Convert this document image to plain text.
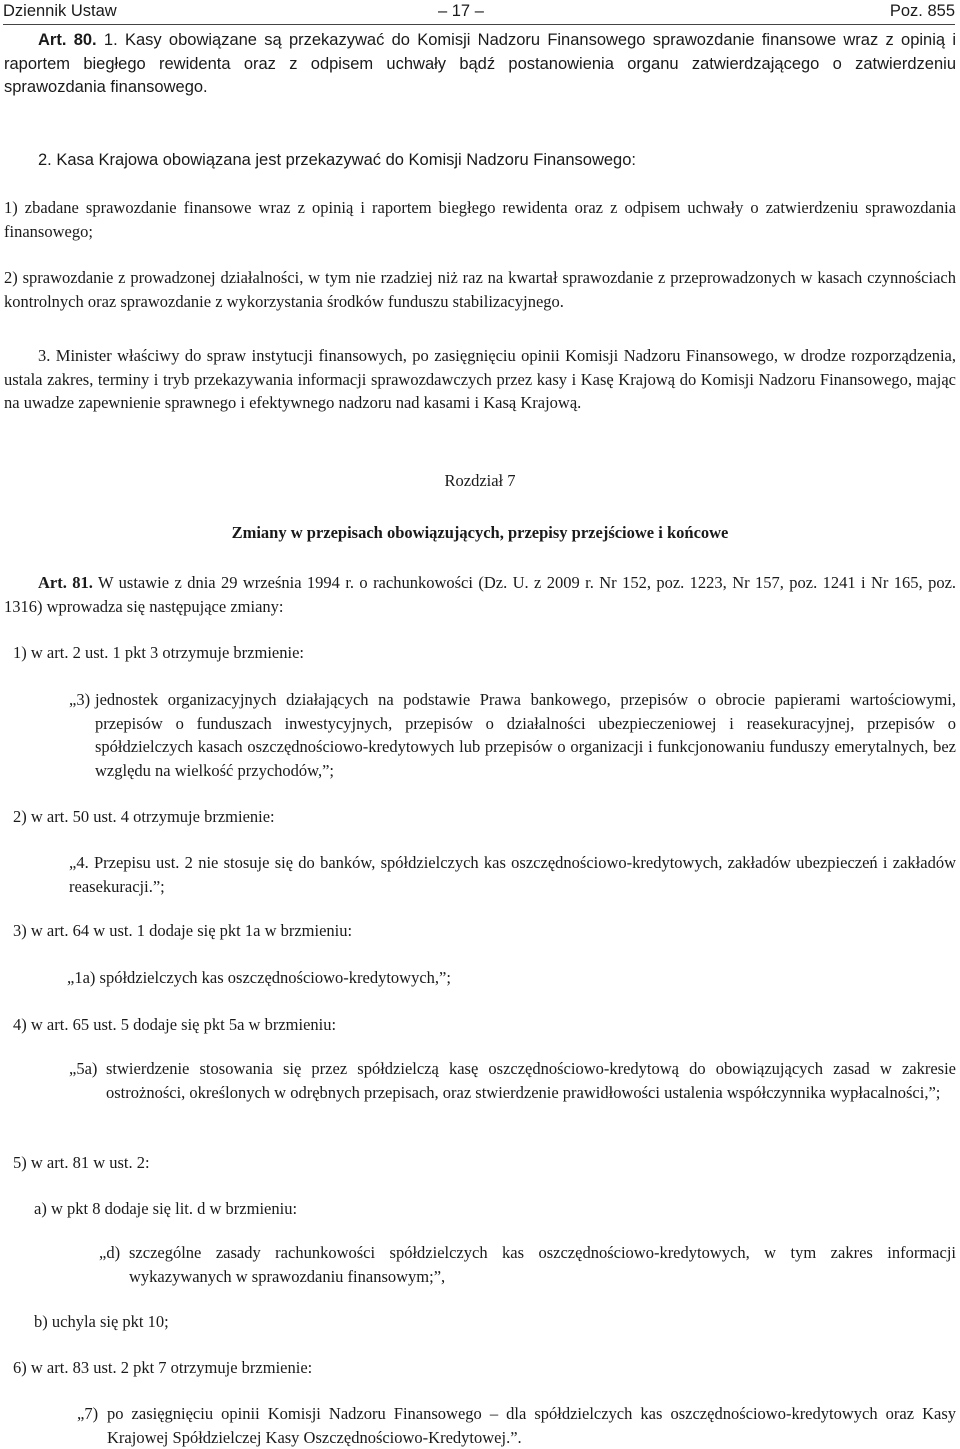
Dziennik Ustaw	– 17 –	Poz. 855

Art. 80. 1. Kasy obowiązane są przekazywać do Komisji Nadzoru Finansowego sprawozdanie finansowe wraz z opinią i raportem biegłego rewidenta oraz z odpisem uchwały bądź postanowienia organu zatwierdzającego o zatwierdzeniu sprawozdania finansowego.

2. Kasa Krajowa obowiązana jest przekazywać do Komisji Nadzoru Finansowego:

1) zbadane sprawozdanie finansowe wraz z opinią i raportem biegłego rewidenta oraz z odpisem uchwały o zatwierdzeniu sprawozdania finansowego;

2) sprawozdanie z prowadzonej działalności, w tym nie rzadziej niż raz na kwartał sprawozdanie z przeprowadzonych w kasach czynnościach kontrolnych oraz sprawozdanie z wykorzystania środków funduszu stabilizacyjnego.

3. Minister właściwy do spraw instytucji finansowych, po zasięgnięciu opinii Komisji Nadzoru Finansowego, w drodze rozporządzenia, ustala zakres, terminy i tryb przekazywania informacji sprawozdawczych przez kasy i Kasę Krajową do Komisji Nadzoru Finansowego, mając na uwadze zapewnienie sprawnego i efektywnego nadzoru nad kasami i Kasą Krajową.

Rozdział 7

Zmiany w przepisach obowiązujących, przepisy przejściowe i końcowe

Art. 81. W ustawie z dnia 29 września 1994 r. o rachunkowości (Dz. U. z 2009 r. Nr 152, poz. 1223, Nr 157, poz. 1241 i Nr 165, poz. 1316) wprowadza się następujące zmiany:

1) w art. 2 ust. 1 pkt 3 otrzymuje brzmienie:

„3) jednostek organizacyjnych działających na podstawie Prawa bankowego, przepisów o obrocie papierami wartościowymi, przepisów o funduszach inwestycyjnych, przepisów o działalności ubezpieczeniowej i reasekuracyjnej, przepisów o spółdzielczych kasach oszczędnościowo-kredytowych lub przepisów o organizacji i funkcjonowaniu funduszy emerytalnych, bez względu na wielkość przychodów,”;

2) w art. 50 ust. 4 otrzymuje brzmienie:

„4. Przepisu ust. 2 nie stosuje się do banków, spółdzielczych kas oszczędnościowo-kredytowych, zakładów ubezpieczeń i zakładów reasekuracji.”;

3) w art. 64 w ust. 1 dodaje się pkt 1a w brzmieniu:

„1a) spółdzielczych kas oszczędnościowo-kredytowych,”;

4) w art. 65 ust. 5 dodaje się pkt 5a w brzmieniu:

„5a) stwierdzenie stosowania się przez spółdzielczą kasę oszczędnościowo-kredytową do obowiązujących zasad w zakresie ostrożności, określonych w odrębnych przepisach, oraz stwierdzenie prawidłowości ustalenia współczynnika wypłacalności,”;

5) w art. 81 w ust. 2:

a) w pkt 8 dodaje się lit. d w brzmieniu:

„d) szczególne zasady rachunkowości spółdzielczych kas oszczędnościowo-kredytowych, w tym zakres informacji wykazywanych w sprawozdaniu finansowym;”,

b) uchyla się pkt 10;

6) w art. 83 ust. 2 pkt 7 otrzymuje brzmienie:

„7) po zasięgnięciu opinii Komisji Nadzoru Finansowego – dla spółdzielczych kas oszczędnościowo-kredytowych oraz Kasy Krajowej Spółdzielczej Kasy Oszczędnościowo-Kredytowej.”.
